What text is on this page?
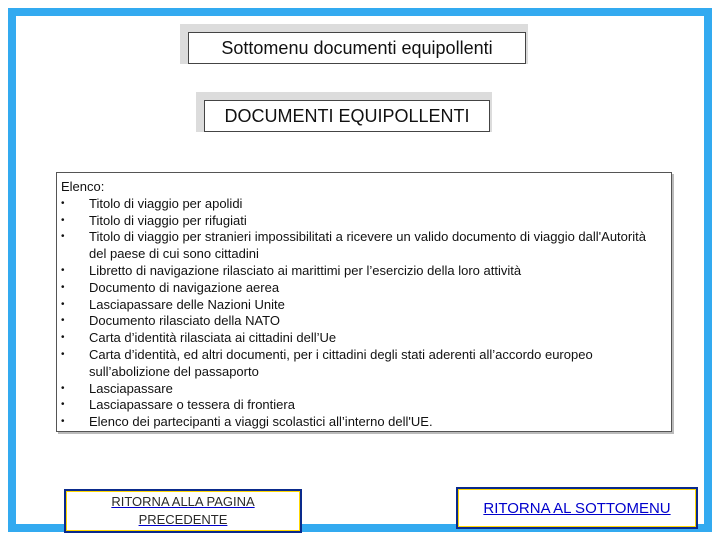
Sottomenu documenti equipollenti
DOCUMENTI EQUIPOLLENTI
Elenco:
• Titolo di viaggio per apolidi
• Titolo di viaggio per rifugiati
• Titolo di viaggio per stranieri impossibilitati a ricevere un valido documento di viaggio dall'Autorità del paese di cui sono cittadini
• Libretto di navigazione rilasciato ai marittimi per l’esercizio della loro attività
• Documento di navigazione aerea
• Lasciapassare delle Nazioni Unite
• Documento rilasciato della NATO
• Carta d’identità rilasciata ai cittadini dell’Ue
• Carta d’identità, ed altri documenti, per i cittadini degli stati aderenti all’accordo europeo sull’abolizione del passaporto
• Lasciapassare
• Lasciapassare o tessera di frontiera
• Elenco dei partecipanti a viaggi scolastici all’interno dell'UE.
RITORNA ALLA PAGINA PRECEDENTE
RITORNA AL SOTTOMENU
